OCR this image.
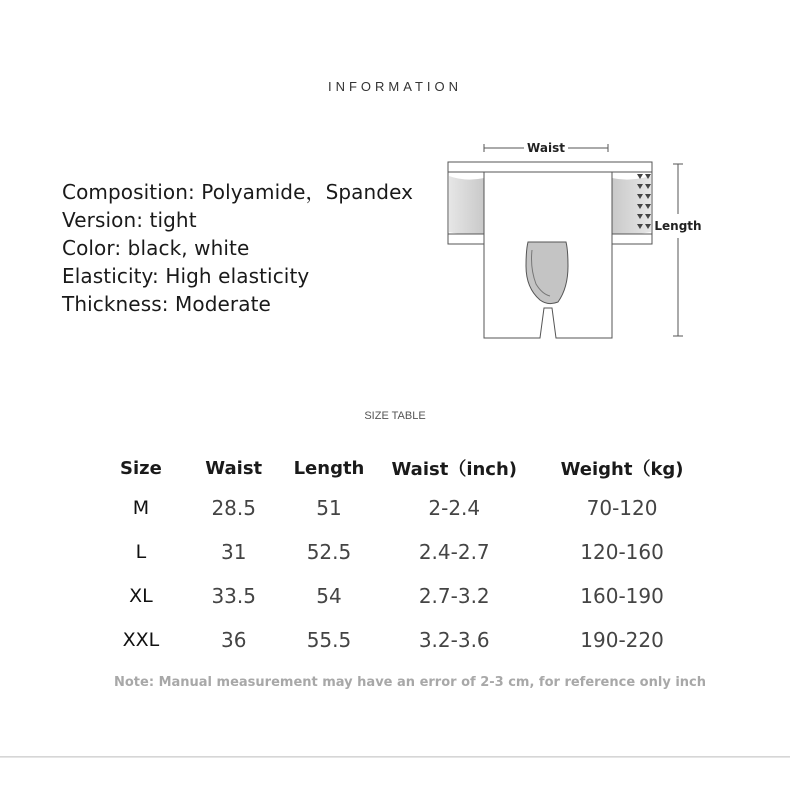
INFORMATION
Composition: Polyamide，Spandex
Version: tight
Color: black, white
Elasticity: High elasticity
Thickness: Moderate
Waist
Length
SIZE TABLE
Size	Waist	Length	Waist（inch)	Weight（kg)
M	28.5	51	2-2.4	70-120
L	31	52.5	2.4-2.7	120-160
XL	33.5	54	2.7-3.2	160-190
XXL	36	55.5	3.2-3.6	190-220
Note: Manual measurement may have an error of 2-3 cm, for reference only inch
